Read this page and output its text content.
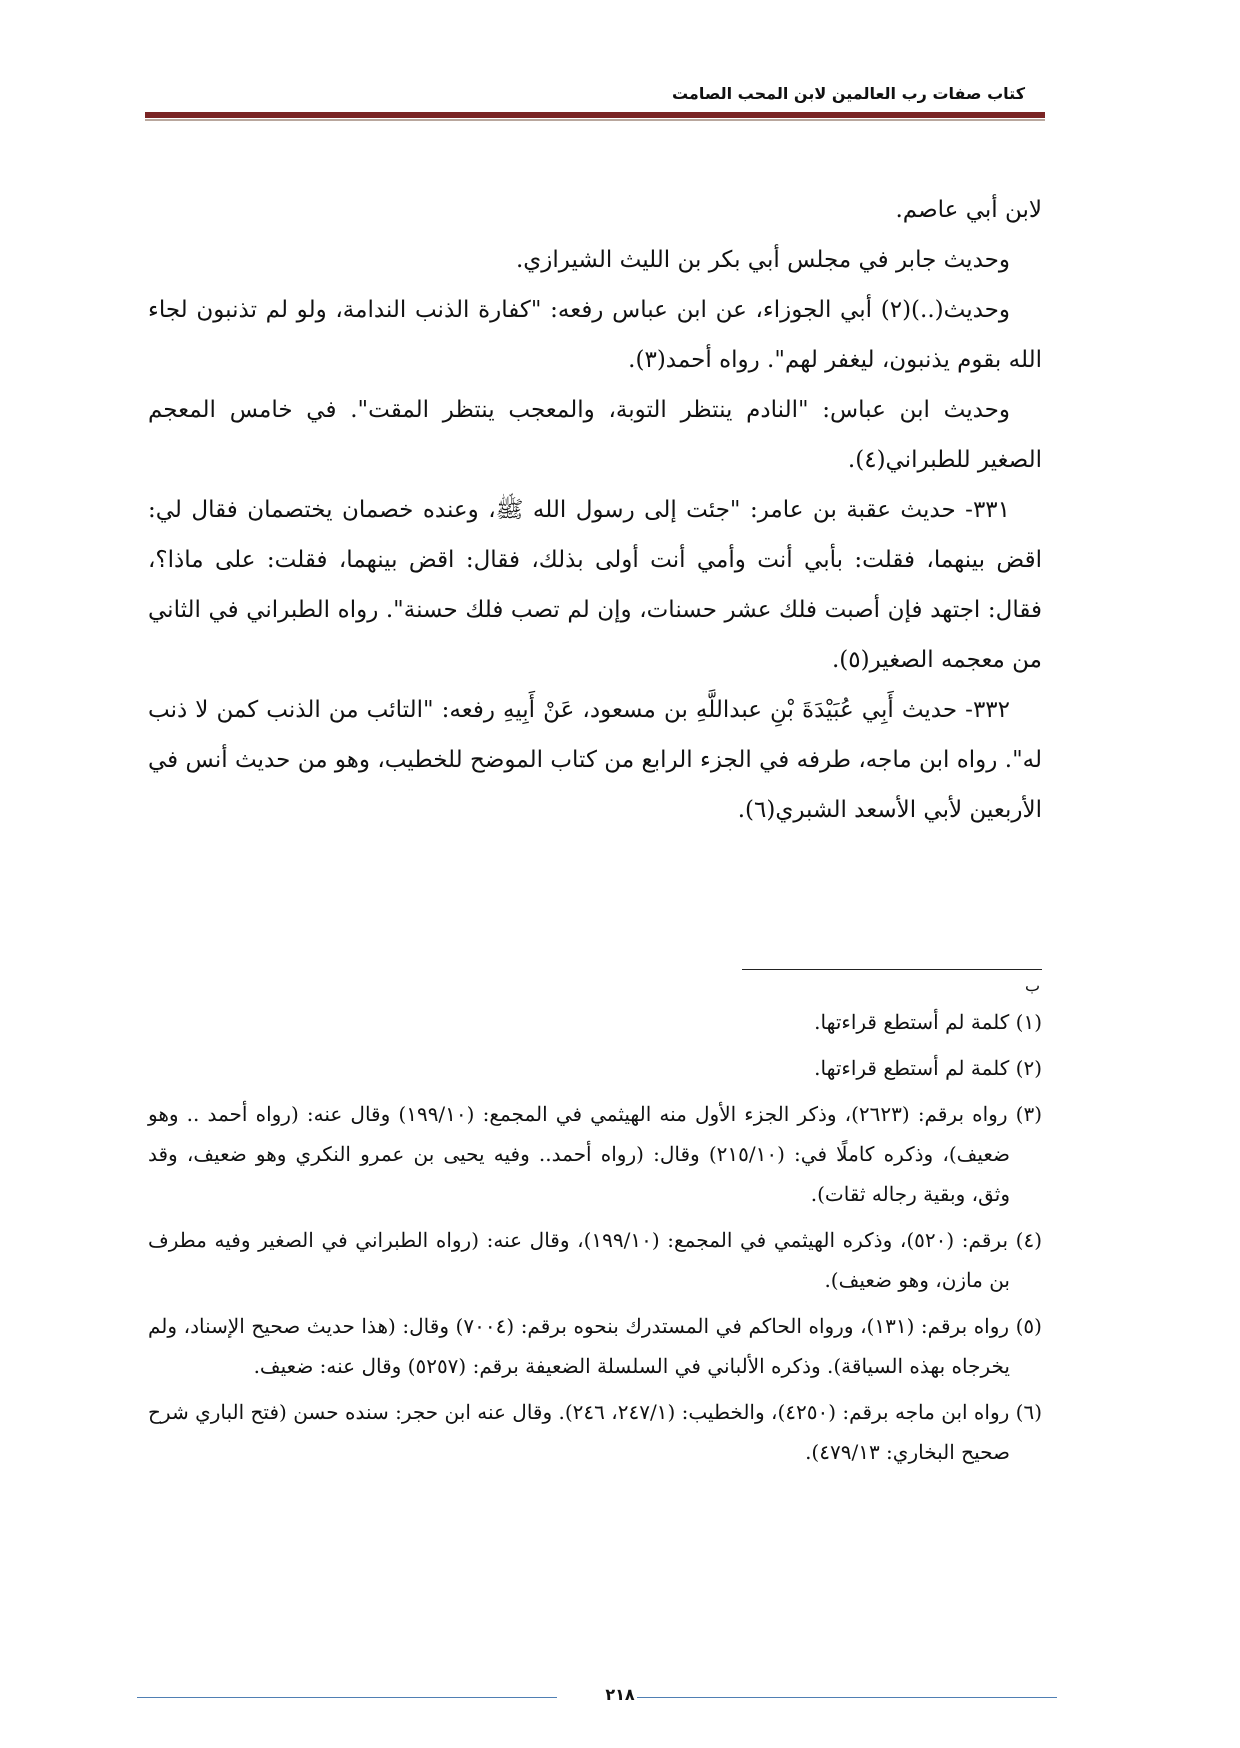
كتاب صفات رب العالمين لابن المحب الصامت

لابن أبي عاصم.

وحديث جابر في مجلس أبي بكر بن الليث الشيرازي.

وحديث(..)(٢) أبي الجوزاء، عن ابن عباس رفعه: "كفارة الذنب الندامة، ولو لم تذنبون لجاء الله بقوم يذنبون، ليغفر لهم". رواه أحمد(٣).

وحديث ابن عباس: "النادم ينتظر التوبة، والمعجب ينتظر المقت". في خامس المعجم الصغير للطبراني(٤).

٣٣١- حديث عقبة بن عامر: "جئت إلى رسول الله ﷺ، وعنده خصمان يختصمان فقال لي: اقض بينهما، فقلت: بأبي أنت وأمي أنت أولى بذلك، فقال: اقض بينهما، فقلت: على ماذا؟، فقال: اجتهد فإن أصبت فلك عشر حسنات، وإن لم تصب فلك حسنة". رواه الطبراني في الثاني من معجمه الصغير(٥).

٣٣٢- حديث أَبِي عُبَيْدَةَ بْنِ عبداللَّهِ بن مسعود، عَنْ أَبِيهِ رفعه: "التائب من الذنب كمن لا ذنب له". رواه ابن ماجه، طرفه في الجزء الرابع من كتاب الموضح للخطيب، وهو من حديث أنس في الأربعين لأبي الأسعد الشبري(٦).

ب

(١) كلمة لم أستطع قراءتها.

(٢) كلمة لم أستطع قراءتها.

(٣) رواه برقم: (٢٦٢٣)، وذكر الجزء الأول منه الهيثمي في المجمع: (١٩٩/١٠) وقال عنه: (رواه أحمد .. وهو ضعيف)، وذكره كاملًا في: (٢١٥/١٠) وقال: (رواه أحمد.. وفيه يحيى بن عمرو النكري وهو ضعيف، وقد وثق، وبقية رجاله ثقات).

(٤) برقم: (٥٢٠)، وذكره الهيثمي في المجمع: (١٩٩/١٠)، وقال عنه: (رواه الطبراني في الصغير وفيه مطرف بن مازن، وهو ضعيف).

(٥) رواه برقم: (١٣١)، ورواه الحاكم في المستدرك بنحوه برقم: (٧٠٠٤) وقال: (هذا حديث صحيح الإسناد، ولم يخرجاه بهذه السياقة). وذكره الألباني في السلسلة الضعيفة برقم: (٥٢٥٧) وقال عنه: ضعيف.

(٦) رواه ابن ماجه برقم: (٤٢٥٠)، والخطيب: (٢٤٧/١، ٢٤٦). وقال عنه ابن حجر: سنده حسن (فتح الباري شرح صحيح البخاري: ٤٧٩/١٣).

٢١٨
